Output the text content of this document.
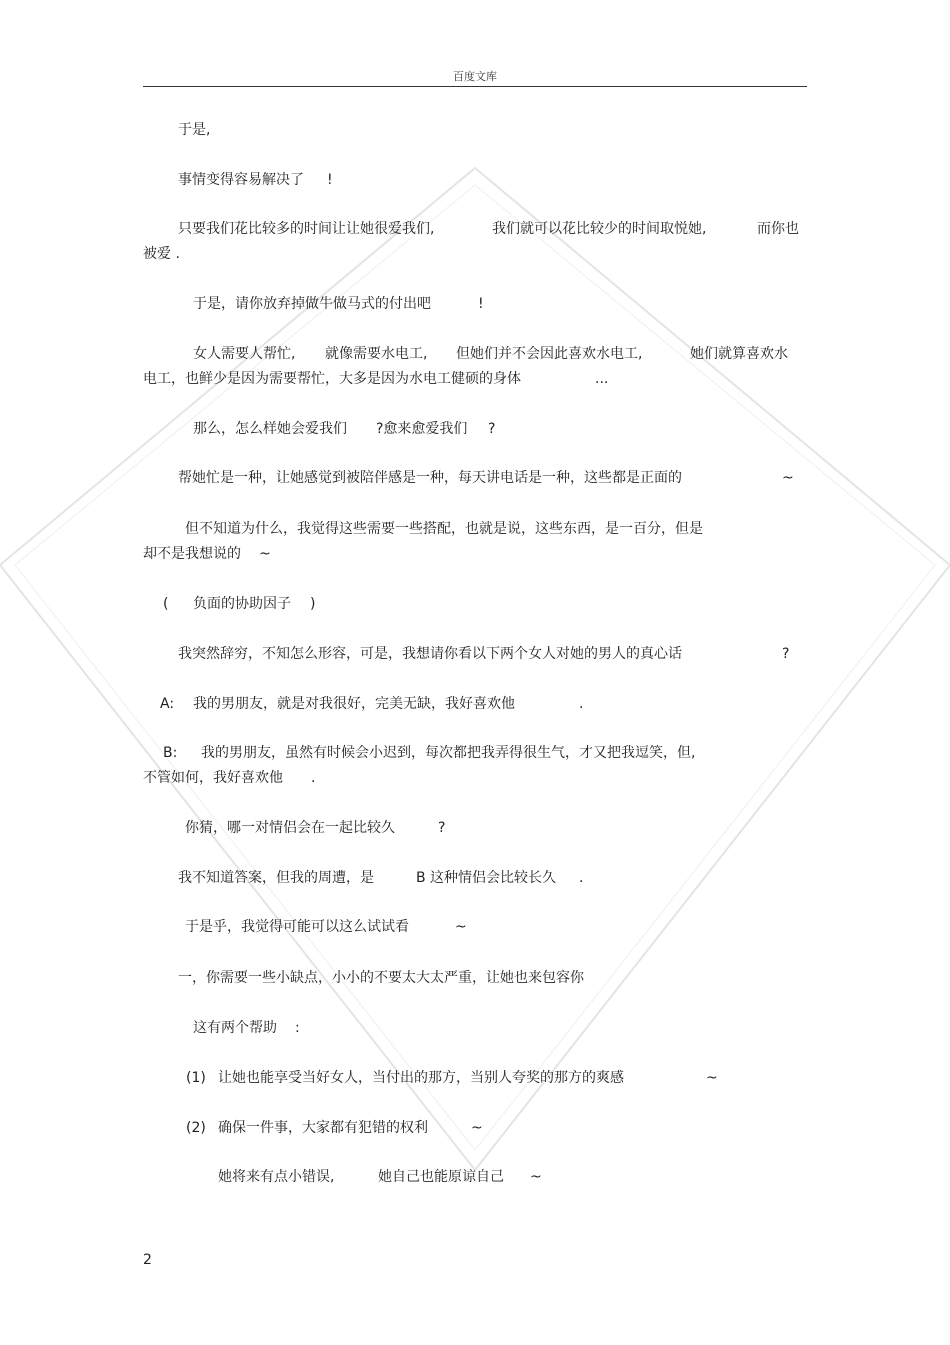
百度文库
于是,
事情变得容易解决了 !
只要我们花比较多的时间让让她很爱我们,	我们就可以花比较少的时间取悦她,	而你也
被爱 .
于是，请你放弃掉做牛做马式的付出吧	!
女人需要人帮忙, 就像需要水电工, 但她们并不会因此喜欢水电工,	她们就算喜欢水
电工，也鲜少是因为需要帮忙，大多是因为水电工健硕的身体	...
那么，怎么样她会爱我们 ?愈来愈爱我们 ?
帮她忙是一种，让她感觉到被陪伴感是一种，每天讲电话是一种，这些都是正面的	~
但不知道为什么，我觉得这些需要一些搭配，也就是说，这些东西，是一百分，但是
却不是我想说的 ~
( 负面的协助因子 )
我突然辞穷，不知怎么形容，可是，我想请你看以下两个女人对她的男人的真心话	?
A: 我的男朋友，就是对我很好，完美无缺，我好喜欢他	.
B: 我的男朋友，虽然有时候会小迟到，每次都把我弄得很生气，才又把我逗笑，但,
不管如何，我好喜欢他 .
你猜，哪一对情侣会在一起比较久	?
我不知道答案，但我的周遭，是	B 这种情侣会比较长久 .
于是乎，我觉得可能可以这么试试看	~
一，你需要一些小缺点，小小的不要太大太严重，让她也来包容你
这有两个帮助 :
(1) 让她也能享受当好女人，当付出的那方，当别人夸奖的那方的爽感	~
(2) 确保一件事，大家都有犯错的权利	~
她将来有点小错误,	她自己也能原谅自己 ~
2
